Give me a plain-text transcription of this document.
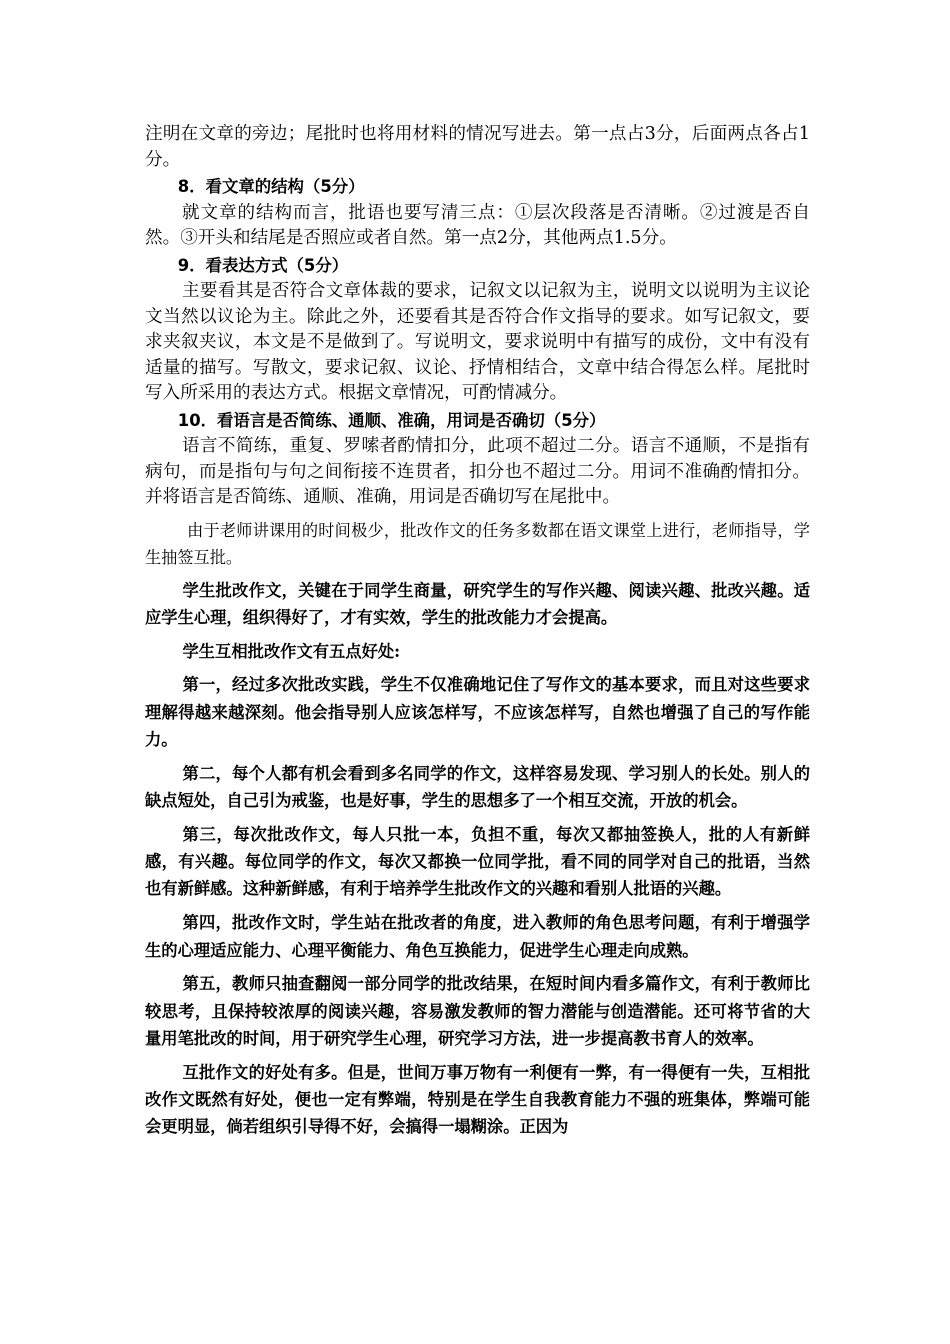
注明在文章的旁边；尾批时也将用材料的情况写进去。第一点占3分，后面两点各占1分。

8．看文章的结构（5分）

就文章的结构而言，批语也要写清三点：①层次段落是否清晰。②过渡是否自然。③开头和结尾是否照应或者自然。第一点2分，其他两点1.5分。

9．看表达方式（5分）

主要看其是否符合文章体裁的要求，记叙文以记叙为主，说明文以说明为主议论文当然以议论为主。除此之外，还要看其是否符合作文指导的要求。如写记叙文，要求夹叙夹议，本文是不是做到了。写说明文，要求说明中有描写的成份，文中有没有适量的描写。写散文，要求记叙、议论、抒情相结合，文章中结合得怎么样。尾批时写入所采用的表达方式。根据文章情况，可酌情减分。

10．看语言是否简练、通顺、准确，用词是否确切（5分）

语言不简练，重复、罗嗦者酌情扣分，此项不超过二分。语言不通顺，不是指有病句，而是指句与句之间衔接不连贯者，扣分也不超过二分。用词不准确酌情扣分。并将语言是否简练、通顺、准确，用词是否确切写在尾批中。

由于老师讲课用的时间极少，批改作文的任务多数都在语文课堂上进行，老师指导，学生抽签互批。

学生批改作文，关键在于同学生商量，研究学生的写作兴趣、阅读兴趣、批改兴趣。适应学生心理，组织得好了，才有实效，学生的批改能力才会提高。

学生互相批改作文有五点好处:

第一，经过多次批改实践，学生不仅准确地记住了写作文的基本要求，而且对这些要求理解得越来越深刻。他会指导别人应该怎样写，不应该怎样写，自然也增强了自己的写作能力。

第二，每个人都有机会看到多名同学的作文，这样容易发现、学习别人的长处。别人的缺点短处，自己引为戒鉴，也是好事，学生的思想多了一个相互交流，开放的机会。

第三，每次批改作文，每人只批一本，负担不重，每次又都抽签换人，批的人有新鲜感，有兴趣。每位同学的作文，每次又都换一位同学批，看不同的同学对自己的批语，当然也有新鲜感。这种新鲜感，有利于培养学生批改作文的兴趣和看别人批语的兴趣。

第四，批改作文时，学生站在批改者的角度，进入教师的角色思考问题，有利于增强学生的心理适应能力、心理平衡能力、角色互换能力，促进学生心理走向成熟。

第五，教师只抽查翻阅一部分同学的批改结果，在短时间内看多篇作文，有利于教师比较思考，且保持较浓厚的阅读兴趣，容易激发教师的智力潜能与创造潜能。还可将节省的大量用笔批改的时间，用于研究学生心理，研究学习方法，进一步提高教书育人的效率。

互批作文的好处有多。但是，世间万事万物有一利便有一弊，有一得便有一失，互相批改作文既然有好处，便也一定有弊端，特别是在学生自我教育能力不强的班集体，弊端可能会更明显，倘若组织引导得不好，会搞得一塌糊涂。正因为
